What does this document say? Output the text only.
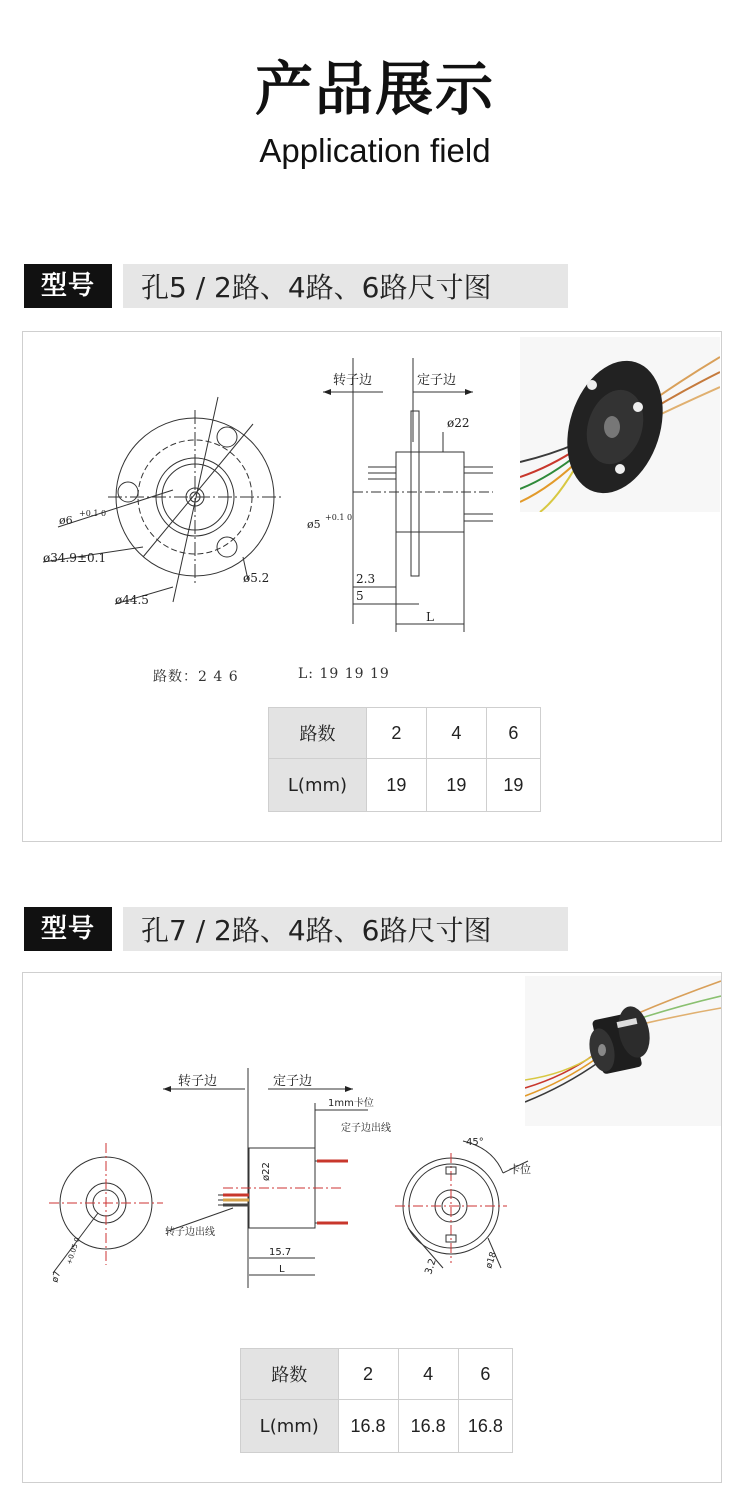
产品展示
Application field
型号	孔5 / 2路、4路、6路尺寸图
ø6
+0.1 0
ø34.9±0.1
ø44.5
ø5.2
转子边	定子边
ø22
ø5
+0.1 0
2.3
5
L
路数：2 4 6	L: 19 19 19
路数	2	4	6
L(mm)	19	19	19
型号	孔7 / 2路、4路、6路尺寸图
ø7
+0.05 0
转子边	定子边
1mm卡位
定子边出线
转子边出线
ø22
15.7
L
45°
卡位
ø18
3.2
路数	2	4	6
L(mm)	16.8	16.8	16.8
